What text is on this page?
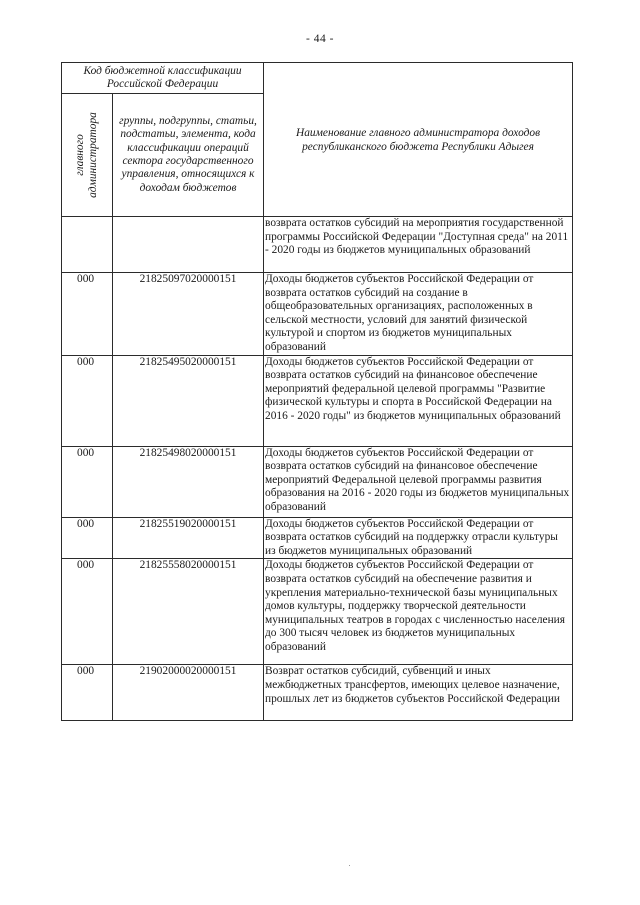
- 44 -
Код бюджетной классификации Российской Федерации		Наименование главного администратора доходов республиканского бюджета Республики Адыгея

главного администратора	группы, подгруппы, статьи, подстатьи, элемента, кода классификации операций сектора государственного управления, относящихся к доходам бюджетов	
		возврата остатков субсидий на мероприятия государственной программы Российской Федерации "Доступная среда" на 2011 - 2020 годы из бюджетов муниципальных образований
000	21825097020000151	Доходы бюджетов субъектов Российской Федерации от возврата остатков субсидий на создание в общеобразовательных организациях, расположенных в сельской местности, условий для занятий физической культурой и спортом из бюджетов муниципальных образований
000	21825495020000151	Доходы бюджетов субъектов Российской Федерации от возврата остатков субсидий на финансовое обеспечение мероприятий федеральной целевой программы "Развитие физической культуры и спорта в Российской Федерации на 2016 - 2020 годы" из бюджетов муниципальных образований
000	21825498020000151	Доходы бюджетов субъектов Российской Федерации от возврата остатков субсидий на финансовое обеспечение мероприятий Федеральной целевой программы развития образования на 2016 - 2020 годы из бюджетов муниципальных образований
000	21825519020000151	Доходы бюджетов субъектов Российской Федерации от возврата остатков субсидий на поддержку отрасли культуры из бюджетов муниципальных образований
000	21825558020000151	Доходы бюджетов субъектов Российской Федерации от возврата остатков субсидий на обеспечение развития и укрепления материально-технической базы муниципальных домов культуры, поддержку творческой деятельности муниципальных театров в городах с численностью населения до 300 тысяч человек из бюджетов муниципальных образований
000	21902000020000151	Возврат остатков субсидий, субвенций и иных межбюджетных трансфертов, имеющих целевое назначение, прошлых лет из бюджетов субъектов Российской Федерации
